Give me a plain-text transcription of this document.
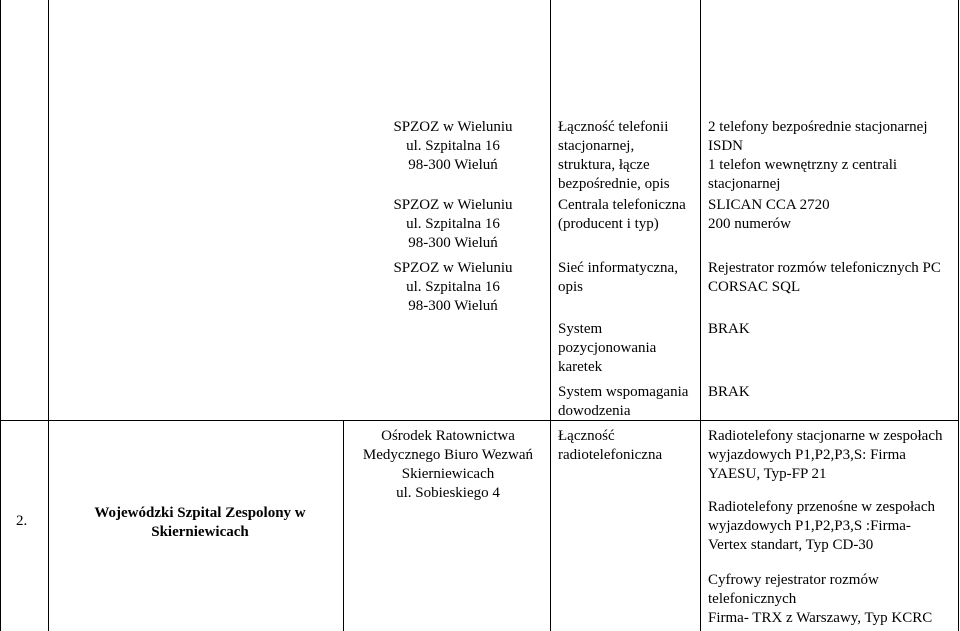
SPZOZ w Wieluniu
ul. Szpitalna 16
98-300 Wieluń
Łączność telefonii
stacjonarnej,
struktura, łącze
bezpośrednie, opis
2 telefony bezpośrednie stacjonarnej
ISDN
1 telefon wewnętrzny z centrali
stacjonarnej
SPZOZ w Wieluniu
ul. Szpitalna 16
98-300 Wieluń
Centrala telefoniczna
(producent i typ)
SLICAN CCA 2720
200 numerów
SPZOZ w Wieluniu
ul. Szpitalna 16
98-300 Wieluń
Sieć informatyczna,
opis
Rejestrator rozmów telefonicznych PC
CORSAC SQL
System
pozycjonowania
karetek
BRAK
System wspomagania
dowodzenia
BRAK
2.	Wojewódzki Szpital Zespolony w
Skierniewicach
Ośrodek Ratownictwa
Medycznego Biuro Wezwań
Skierniewicach
ul. Sobieskiego 4
Łączność
radiotelefoniczna
Radiotelefony stacjonarne w zespołach
wyjazdowych P1,P2,P3,S: Firma
YAESU, Typ-FP 21
Radiotelefony przenośne w zespołach
wyjazdowych P1,P2,P3,S :Firma-
Vertex standart, Typ CD-30
Cyfrowy rejestrator rozmów
telefonicznych
Firma- TRX z Warszawy, Typ KCRC
